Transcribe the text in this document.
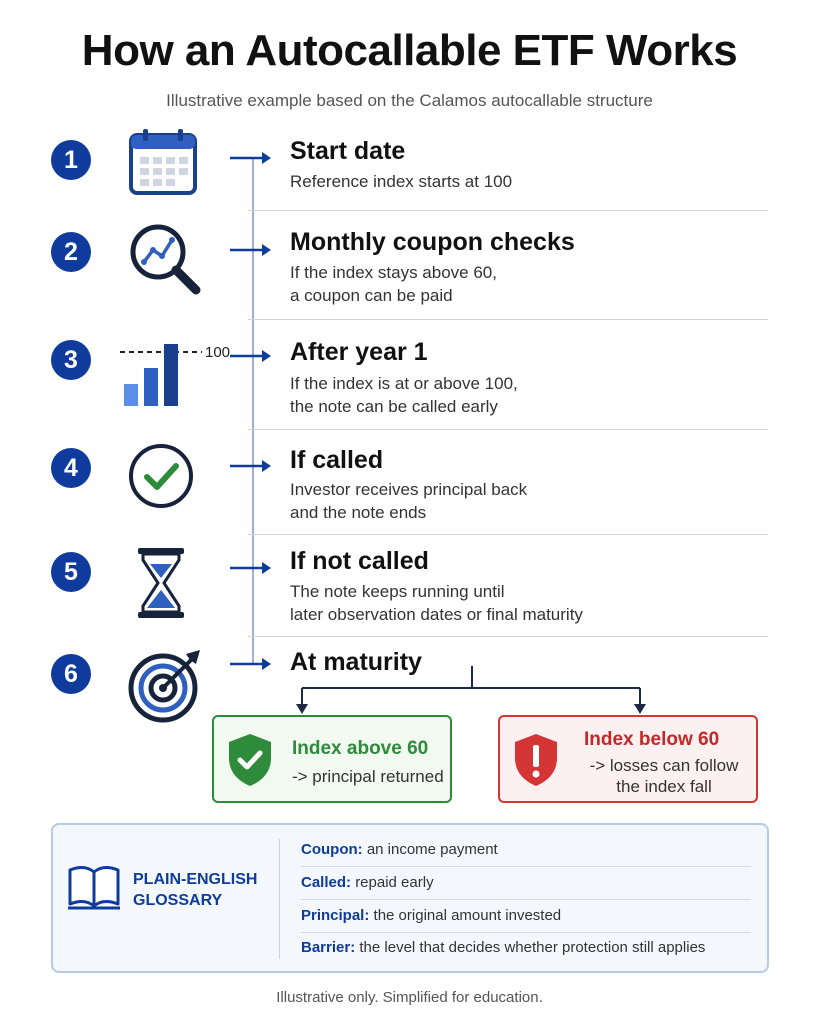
How an Autocallable ETF Works
Illustrative example based on the Calamos autocallable structure
1	Start date
Reference index starts at 100
2	Monthly coupon checks
If the index stays above 60,
a coupon can be paid
3	100 After year 1
If the index is at or above 100,
the note can be called early
4	If called
Investor receives principal back
and the note ends
5	If not called
The note keeps running until
later observation dates or final maturity
6	At maturity
Index above 60
-> principal returned
Index below 60
-> losses can follow
the index fall
PLAIN-ENGLISH
GLOSSARY
Coupon: an income payment
Called: repaid early
Principal: the original amount invested
Barrier: the level that decides whether protection still applies
Illustrative only. Simplified for education.
